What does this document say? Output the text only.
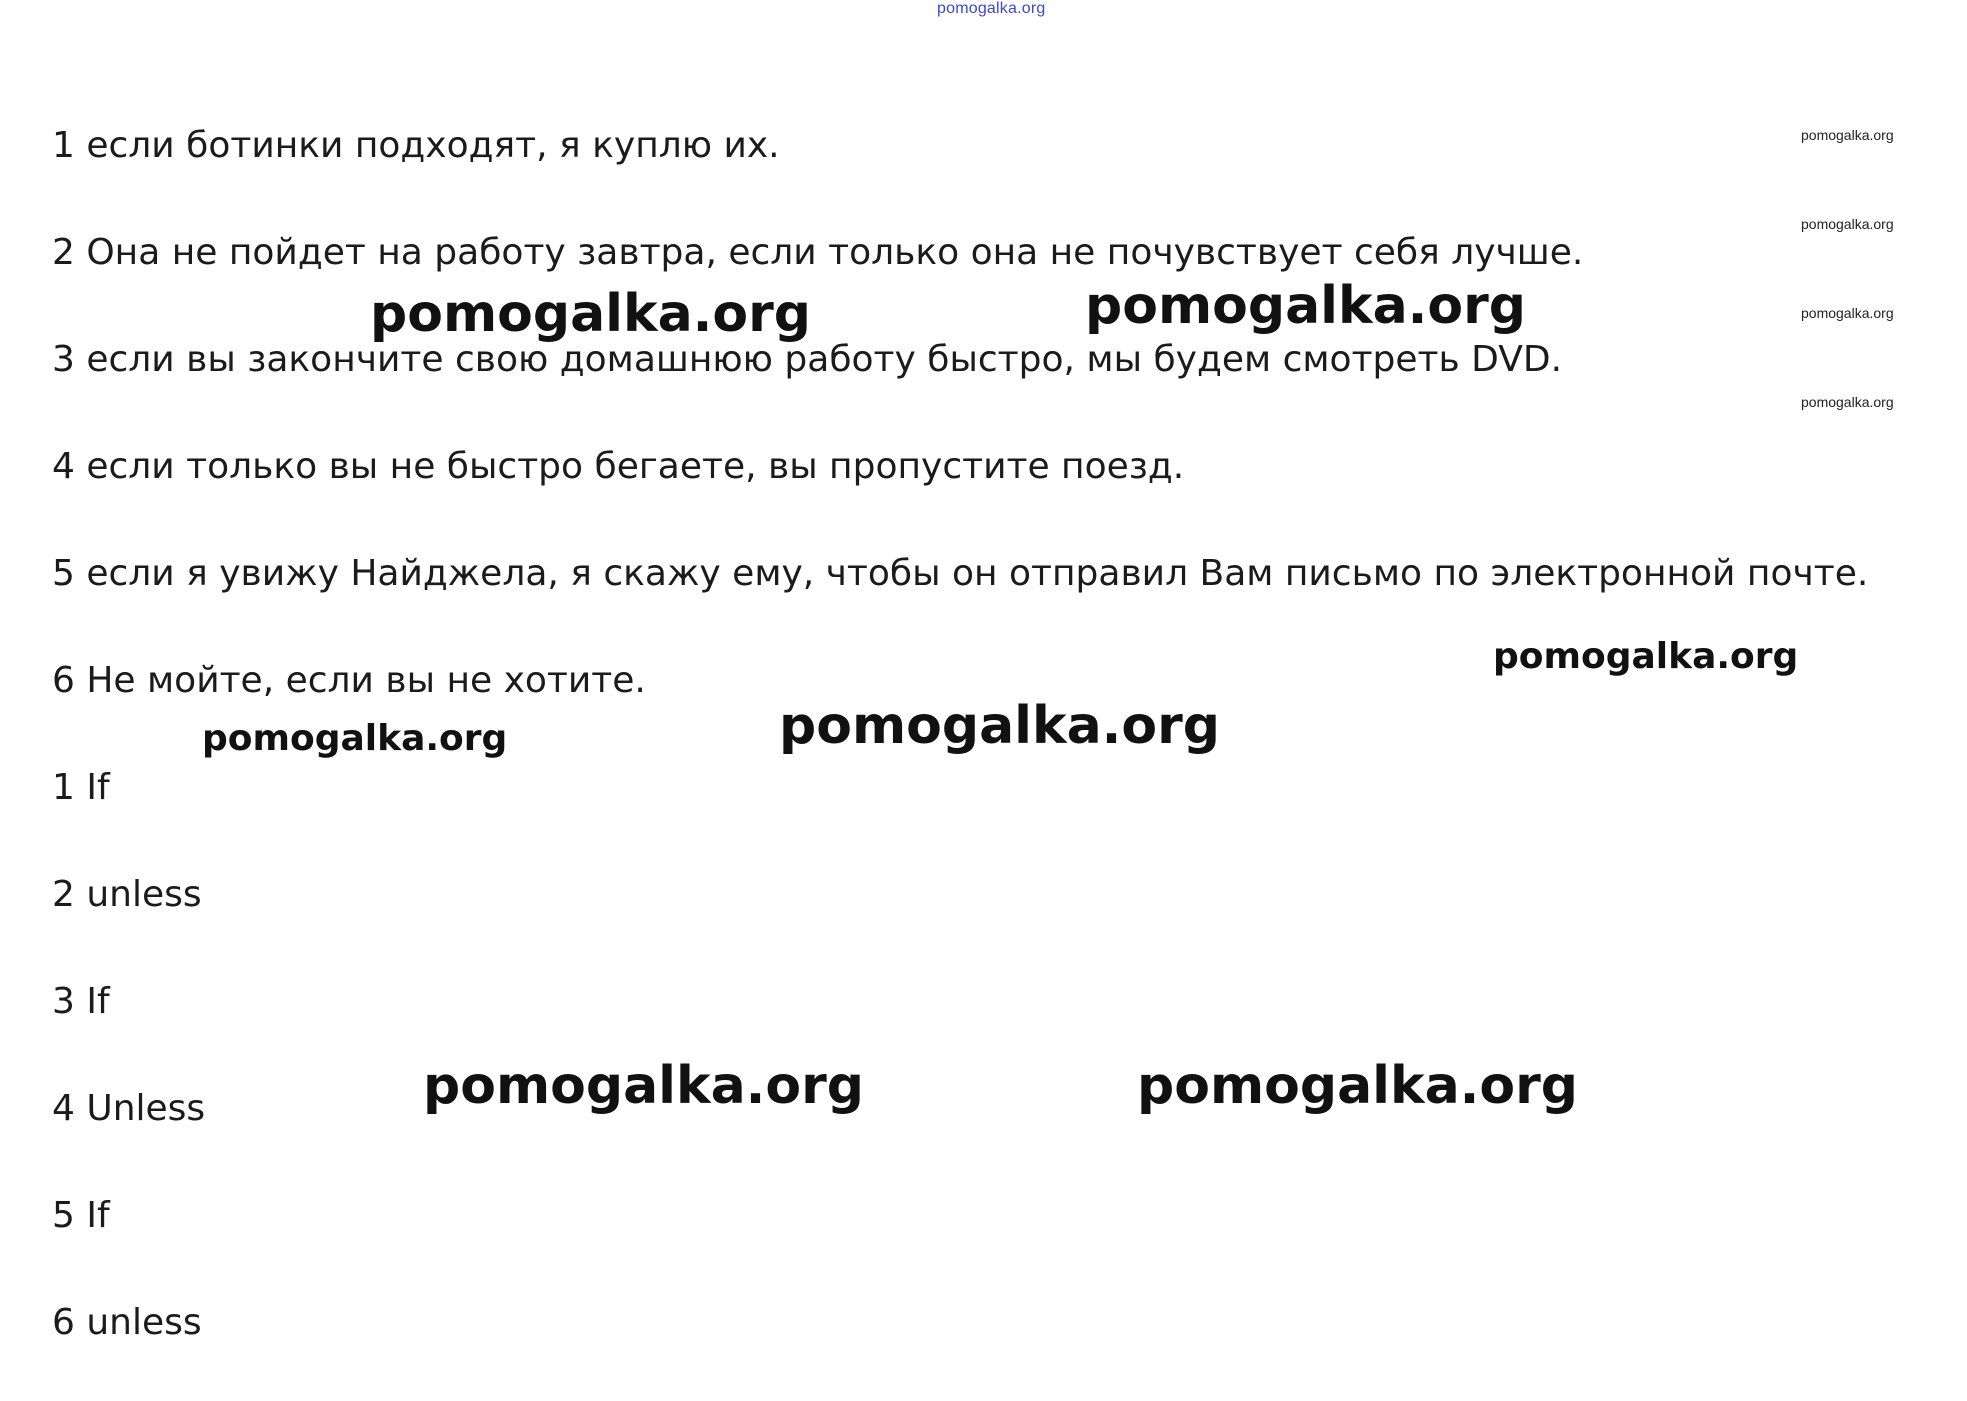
pomogalka.org
1 если ботинки подходят, я куплю их.
2 Она не пойдет на работу завтра, если только она не почувствует себя лучше.
3 если вы закончите свою домашнюю работу быстро, мы будем смотреть DVD.
4 если только вы не быстро бегаете, вы пропустите поезд.
5 если я увижу Найджела, я скажу ему, чтобы он отправил Вам письмо по электронной почте.
6 Не мойте, если вы не хотите.
1 If
2 unless
3 If
4 Unless
5 If
6 unless
pomogalka.org	pomogalka.org
pomogalka.org
pomogalka.org	pomogalka.org
pomogalka.org
pomogalka.org
pomogalka.org
pomogalka.org
pomogalka.org
pomogalka.org
